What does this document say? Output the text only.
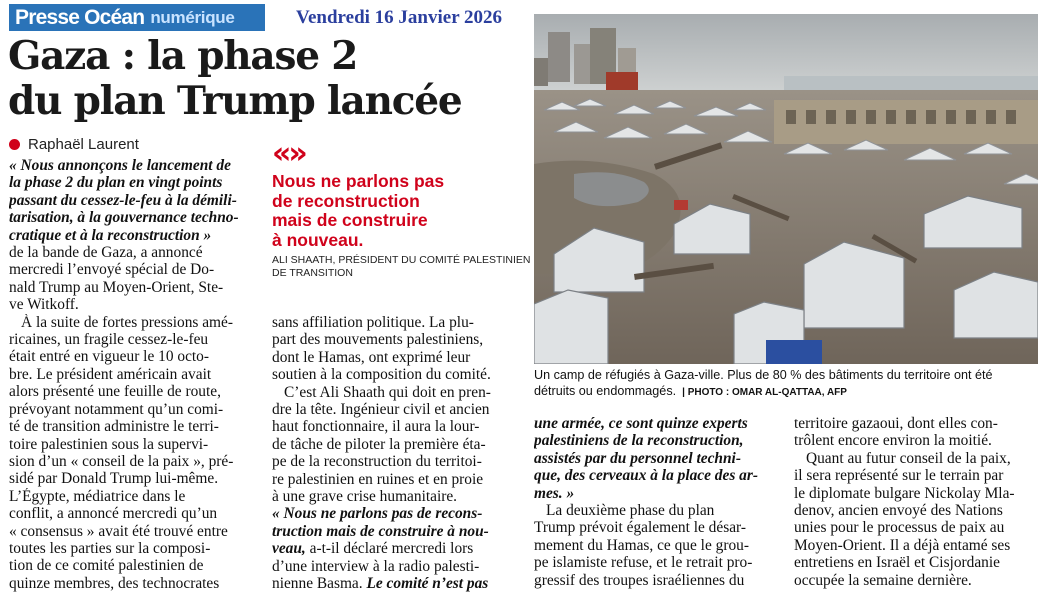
Presse Océan numérique	Vendredi 16 Janvier 2026
Gaza : la phase 2
du plan Trump lancée
Raphaël Laurent
« Nous annonçons le lancement de
la phase 2 du plan en vingt points
passant du cessez-le-feu à la démili-
tarisation, à la gouvernance techno-
cratique et à la reconstruction »
de la bande de Gaza, a annoncé
mercredi l’envoyé spécial de Do-
nald Trump au Moyen-Orient, Ste-
ve Witkoff.
À la suite de fortes pressions amé-
ricaines, un fragile cessez-le-feu
était entré en vigueur le 10 octo-
bre. Le président américain avait
alors présenté une feuille de route,
prévoyant notamment qu’un comi-
té de transition administre le terri-
toire palestinien sous la supervi-
sion d’un « conseil de la paix », pré-
sidé par Donald Trump lui-même.
L’Égypte, médiatrice dans le
conflit, a annoncé mercredi qu’un
« consensus » avait été trouvé entre
toutes les parties sur la composi-
tion de ce comité palestinien de
quinze membres, des technocrates
«»
Nous ne parlons pas
de reconstruction
mais de construire
à nouveau.
ALI SHAATH, PRÉSIDENT DU COMITÉ PALESTINIEN
DE TRANSITION
sans affiliation politique. La plu-
part des mouvements palestiniens,
dont le Hamas, ont exprimé leur
soutien à la composition du comité.
C’est Ali Shaath qui doit en pren-
dre la tête. Ingénieur civil et ancien
haut fonctionnaire, il aura la lour-
de tâche de piloter la première éta-
pe de la reconstruction du territoi-
re palestinien en ruines et en proie
à une grave crise humanitaire.
« Nous ne parlons pas de recons-
truction mais de construire à nou-
veau, a-t-il déclaré mercredi lors
d’une interview à la radio palesti-
nienne Basma. Le comité n’est pas
Un camp de réfugiés à Gaza-ville. Plus de 80 % des bâtiments du territoire ont été
détruits ou endommagés. | PHOTO : OMAR AL-QATTAA, AFP
une armée, ce sont quinze experts
palestiniens de la reconstruction,
assistés par du personnel techni-
que, des cerveaux à la place des ar-
mes. »
La deuxième phase du plan
Trump prévoit également le désar-
mement du Hamas, ce que le grou-
pe islamiste refuse, et le retrait pro-
gressif des troupes israéliennes du
territoire gazaoui, dont elles con-
trôlent encore environ la moitié.
Quant au futur conseil de la paix,
il sera représenté sur le terrain par
le diplomate bulgare Nickolay Mla-
denov, ancien envoyé des Nations
unies pour le processus de paix au
Moyen-Orient. Il a déjà entamé ses
entretiens en Israël et Cisjordanie
occupée la semaine dernière.
